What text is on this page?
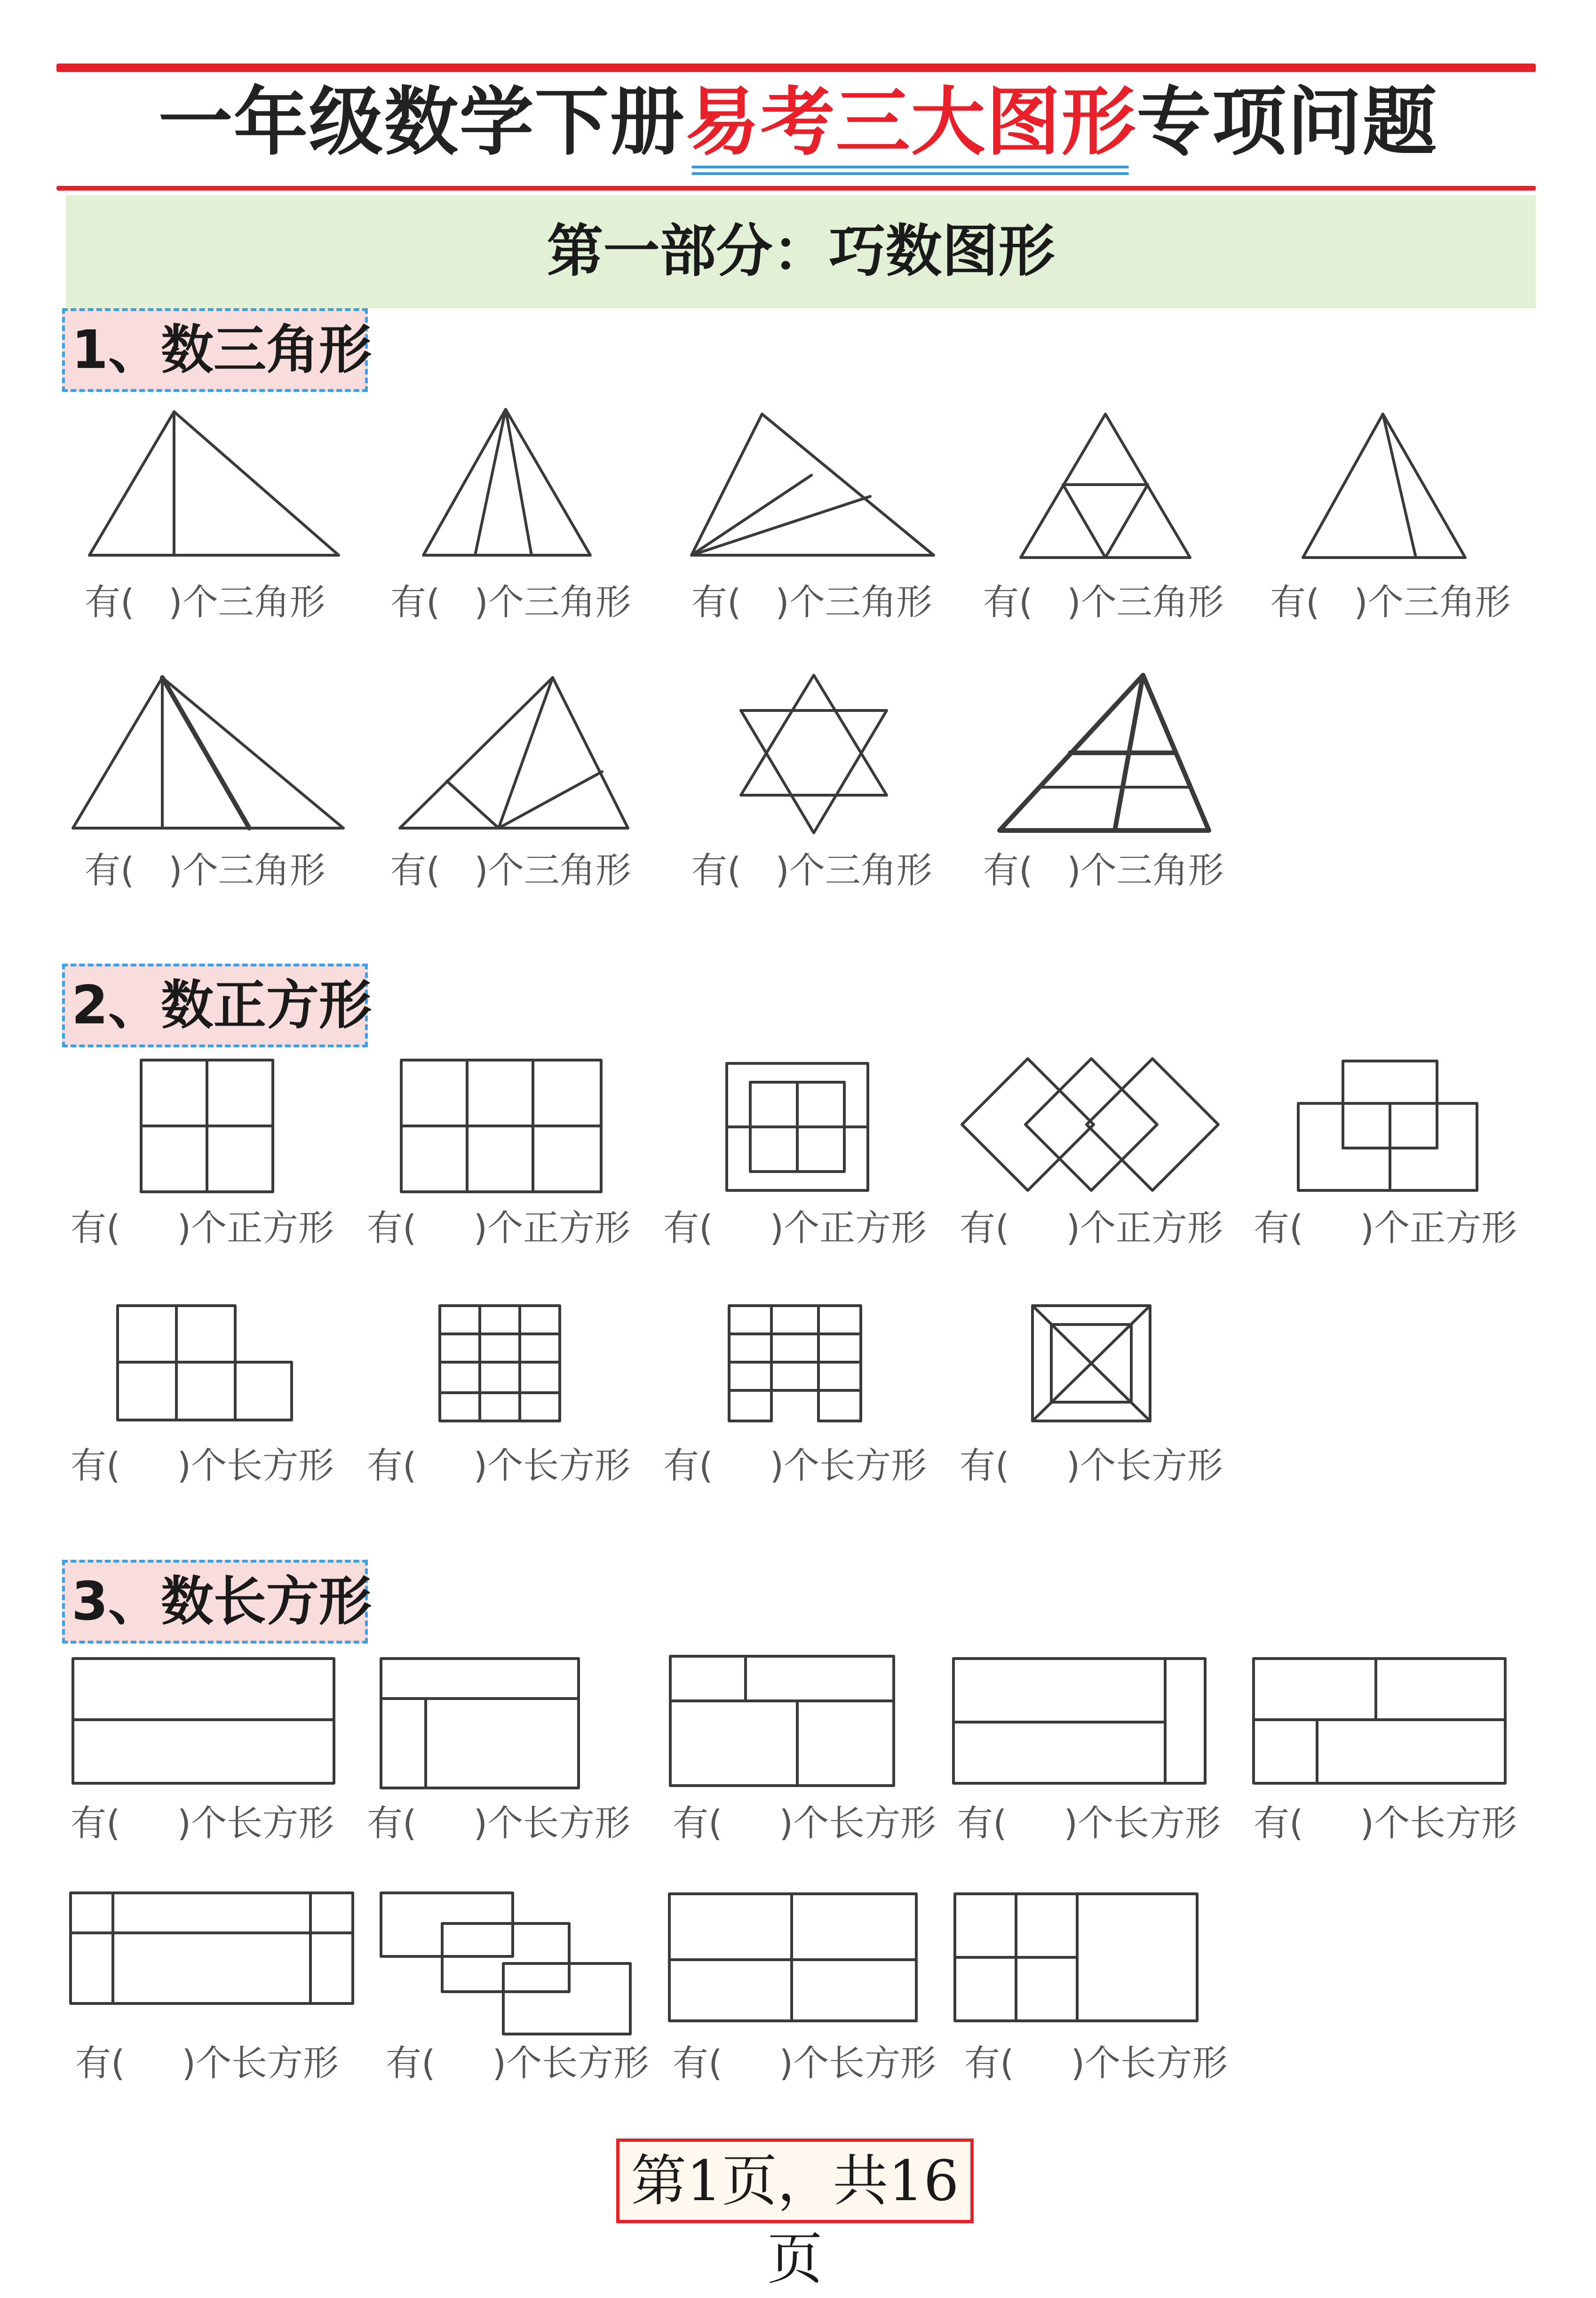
一年级数学下册易考三大图形专项问题
第一部分：巧数图形
1、数三角形
有(   )个三角形 有(   )个三角形 有(   )个三角形 有(   )个三角形 有(   )个三角形
有(   )个三角形 有(   )个三角形 有(   )个三角形 有(   )个三角形
2、数正方形
有(     )个正方形 有(     )个正方形 有(     )个正方形 有(     )个正方形 有(     )个正方形
有(     )个长方形 有(     )个长方形 有(     )个长方形 有(     )个长方形
3、数长方形
有(     )个长方形 有(     )个长方形 有(     )个长方形 有(     )个长方形 有(     )个长方形
有(     )个长方形 有(     )个长方形 有(     )个长方形 有(     )个长方形
第1页，共16页
